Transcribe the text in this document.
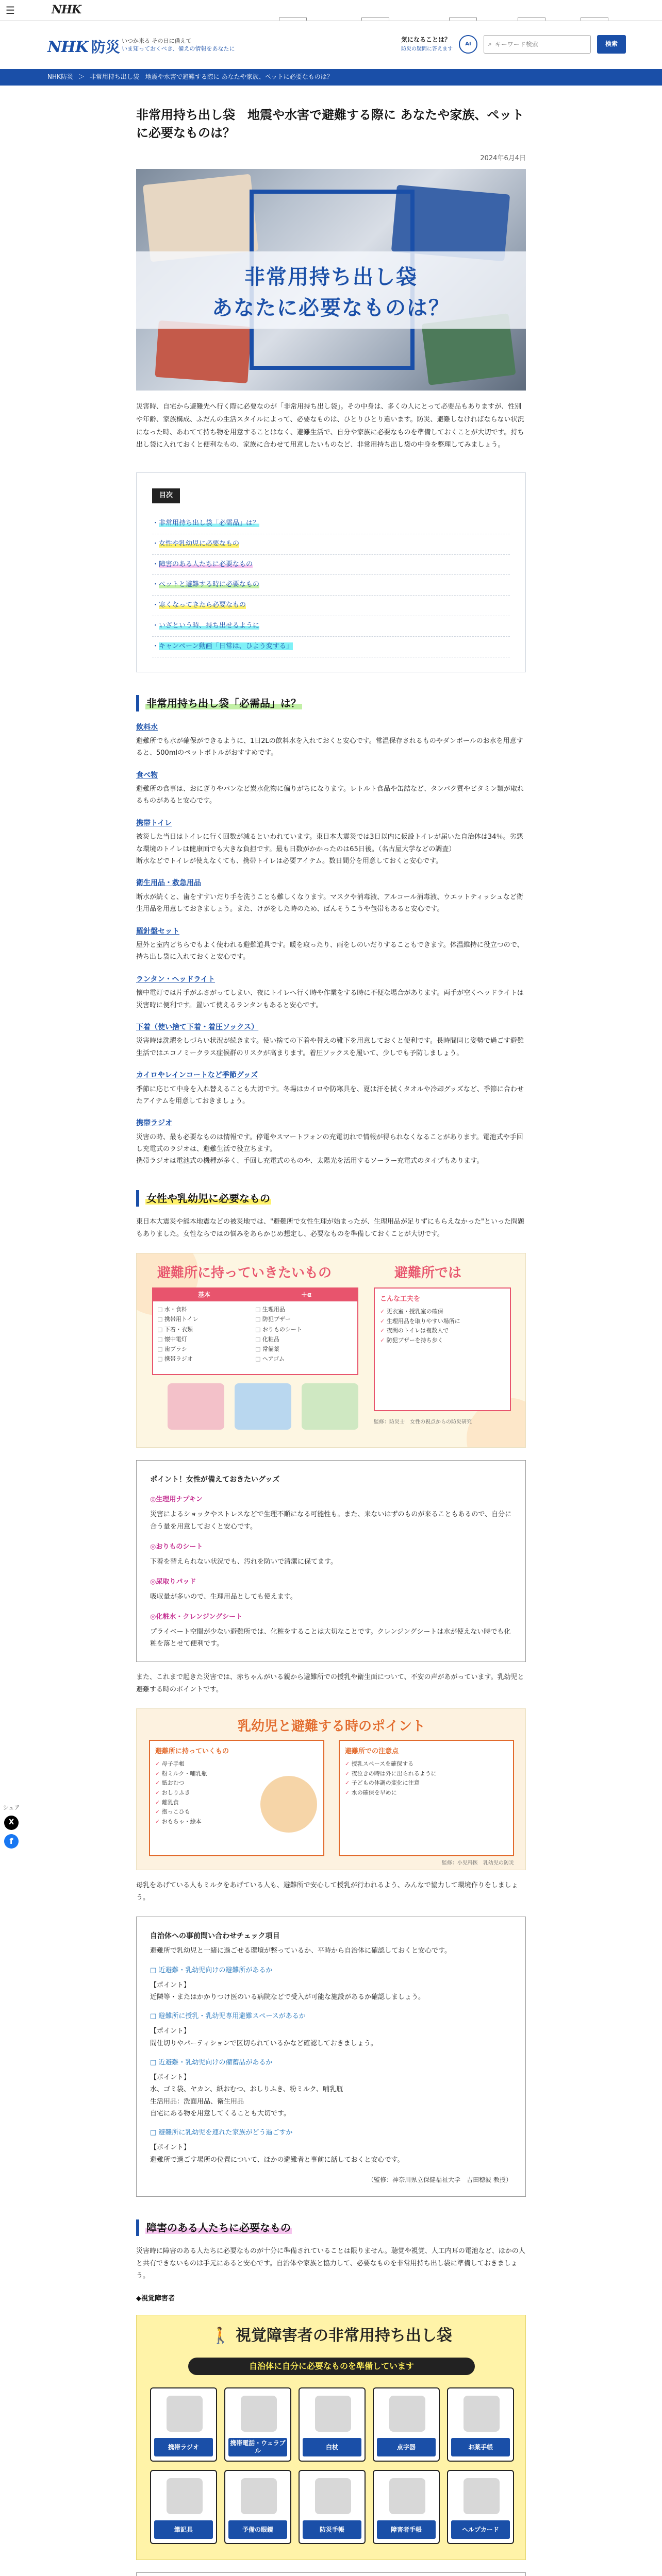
☰	NHK
NHK 防災 いつか来る その日に備えて
いま知っておくべき、備えの情報をあなたに
気になることは？
防災の疑問に答えます
AI	⌕
キーワード検索	検索
NHK防災 ＞ 非常用持ち出し袋　地震や水害で避難する際に あなたや家族、ペットに必要なものは？
シェア
X
f
非常用持ち出し袋　地震や水害で避難する際に あなたや家族、ペットに必要なものは？
2024年6月4日
非常用持ち出し袋
あなたに必要なものは？

災害時、自宅から避難先へ行く際に必要なのが「非常用持ち出し袋」。その中身は、多くの人にとって必要品もありますが、性別や年齢、家族構成、ふだんの生活スタイルによって、必要なものは、ひとりひとり違います。防災、避難しなければならない状況になった時、あわてて持ち物を用意することはなく、避難生活で、自分や家族に必要なものを準備しておくことが大切です。持ち出し袋に入れておくと便利なもの、家族に合わせて用意したいものなど、非常用持ち出し袋の中身を整理してみましょう。

目次
・ 非常用持ち出し袋「必需品」は？
・ 女性や乳幼児に必要なもの
・ 障害のある人たちに必要なもの
・ ペットと避難する時に必要なもの
・ 寒くなってきたら必要なもの
・ いざという時、持ち出せるように
・ キャンペーン動画「日常は、ひよう変する」
非常用持ち出し袋「必需品」は？
飲料水

避難所でも水が確保ができるように、1日2Lの飲料水を入れておくと安心です。常温保存されるものやダンボールのお水を用意すると、500mlのペットボトルがおすすめです。

食べ物

避難所の食事は、おにぎりやパンなど炭水化物に偏りがちになります。レトルト食品や缶詰など、タンパク質やビタミン類が取れるものがあると安心です。

携帯トイレ

被災した当日はトイレに行く回数が減るといわれています。東日本大震災では3日以内に仮設トイレが届いた自治体は34％。劣悪な環境のトイレは健康面でも大きな負担です。最も日数がかかったのは65日後。（名古屋大学などの調査）
断水などでトイレが使えなくても、携帯トイレは必要アイテム。数日間分を用意しておくと安心です。

衛生用品・救急用品

断水が続くと、歯をすすいだり手を洗うことも難しくなります。マスクや消毒液、アルコール消毒液、ウエットティッシュなど衛生用品を用意しておきましょう。また、けがをした時のため、ばんそうこうや包帯もあると安心です。

羅針盤セット

屋外と室内どちらでもよく使われる避難道具です。暖を取ったり、雨をしのいだりすることもできます。体温維持に役立つので、持ち出し袋に入れておくと安心です。

ランタン・ヘッドライト

懐中電灯では片手がふさがってしまい、夜にトイレへ行く時や作業をする時に不便な場合があります。両手が空くヘッドライトは災害時に便利です。置いて使えるランタンもあると安心です。

下着（使い捨て下着・着圧ソックス）

災害時は洗濯をしづらい状況が続きます。使い捨ての下着や替えの靴下を用意しておくと便利です。長時間同じ姿勢で過ごす避難生活ではエコノミークラス症候群のリスクが高まります。着圧ソックスを履いて、少しでも予防しましょう。

カイロやレインコートなど季節グッズ

季節に応じて中身を入れ替えることも大切です。冬場はカイロや防寒具を、夏は汗を拭くタオルや冷却グッズなど、季節に合わせたアイテムを用意しておきましょう。

携帯ラジオ

災害の時、最も必要なものは情報です。停電やスマートフォンの充電切れで情報が得られなくなることがあります。電池式や手回し充電式のラジオは、避難生活で役立ちます。
携帯ラジオは電池式の機種が多く、手回し充電式のものや、太陽光を活用するソーラー充電式のタイプもあります。

女性や乳幼児に必要なもの

東日本大震災や熊本地震などの被災地では、"避難所で女性生理が始まったが、生理用品が足りずにもらえなかった"といった問題もありました。女性ならではの悩みをあらかじめ想定し、必要なものを準備しておくことが大切です。

避難所に持っていきたいもの	避難所では
基本	＋α
□ 水・食料
□ 携帯用トイレ
□ 下着・衣類
□ 懐中電灯
□ 歯ブラシ
□ 携帯ラジオ
□ 生理用品
□ 防犯ブザー
□ おりものシート
□ 化粧品
□ 常備薬
□ ヘアゴム
こんな工夫を
✓ 更衣室・授乳室の確保
✓ 生理用品を取りやすい場所に
✓ 夜間のトイレは複数人で
✓ 防犯ブザーを持ち歩く
監修：防災士　女性の視点からの防災研究
ポイント！女性が備えておきたいグッズ
◎生理用ナプキン

災害によるショックやストレスなどで生理不順になる可能性も。また、来ないはずのものが来ることもあるので、自分に合う量を用意しておくと安心です。

◎おりものシート

下着を替えられない状況でも、汚れを防いで清潔に保てます。

◎尿取りパッド

吸収量が多いので、生理用品としても使えます。

◎化粧水・クレンジングシート

プライベート空間が少ない避難所では、化粧をすることは大切なことです。クレンジングシートは水が使えない時でも化粧を落とせて便利です。

また、これまで起きた災害では、赤ちゃんがいる親から避難所での授乳や衛生面について、不安の声があがっています。乳幼児と避難する時のポイントです。

乳幼児と避難する時のポイント
避難所に持っていくもの
✓ 母子手帳
✓ 粉ミルク・哺乳瓶
✓ 紙おむつ
✓ おしりふき
✓ 離乳食
✓ 抱っこひも
✓ おもちゃ・絵本
避難所での注意点
✓ 授乳スペースを確保する
✓ 夜泣きの時は外に出られるように
✓ 子どもの体調の変化に注意
✓ 水の確保を早めに
監修：小児科医　乳幼児の防災

母乳をあげている人もミルクをあげている人も、避難所で安心して授乳が行われるよう、みんなで協力して環境作りをしましょう。

自治体への事前問い合わせチェック項目

避難所で乳幼児と一緒に過ごせる環境が整っているか、平時から自治体に確認しておくと安心です。

□ 近避難・乳幼児向けの避難所があるか

【ポイント】
近隣等・またはかかりつけ医のいる病院などで受入が可能な施設があるか確認しましょう。

□ 避難所に授乳・乳幼児専用避難スペースがあるか

【ポイント】
間仕切りやパーティションで区切られているかなど確認しておきましょう。

□ 近避難・乳幼児向けの備蓄品があるか

【ポイント】
水、ゴミ袋、ヤカン、紙おむつ、おしりふき、粉ミルク、哺乳瓶
生活用品：洗面用品、衛生用品
自宅にある物を用意してくることも大切です。

□ 避難所に乳幼児を連れた家族がどう過ごすか

【ポイント】
避難所で過ごす場所の位置について、ほかの避難者と事前に話しておくと安心です。

（監修：神奈川県立保健福祉大学　吉田穂波 教授）
障害のある人たちに必要なもの

災害時に障害のある人たちに必要なものが十分に準備されていることは限りません。聴覚や視覚、人工内耳の電池など、ほかの人と共有できないものは手元にあると安心です。自治体や家族と協力して、必要なものを非常用持ち出し袋に準備しておきましょう。

◆視覚障害者
🚶 視覚障害者の非常用持ち出し袋
自治体に自分に必要なものを準備しています
携帯ラジオ
携帯電話・ウェラブル
白杖	点字器	お薬手帳
筆記具	予備の眼鏡	防災手帳	障害者手帳	ヘルプカード
